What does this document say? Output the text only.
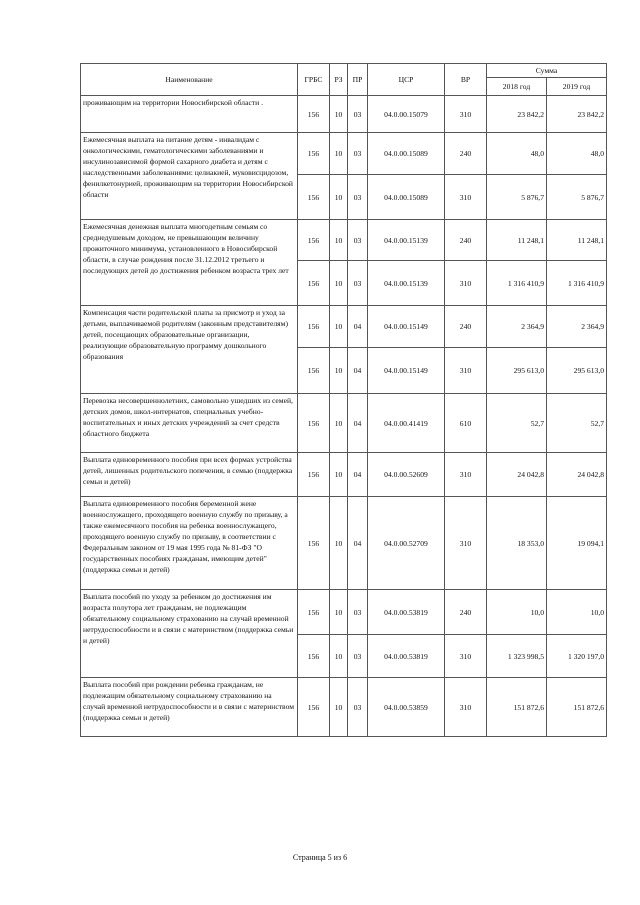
Наименование	ГРБС	РЗ	ПР	ЦСР	ВР	Сумма	
						2018 год	2019 год
проживающим на территории Новосибирской области .	156	10	03	04.0.00.15079	310	23 842,2	23 842,2
Ежемесячная выплата на питание детям - инвалидам с онкологическими, гематологическими заболеваниями и инсулинозависимой формой сахарного диабета и детям с наследственными заболеваниями: целиакией, муковисцидозом, фенилкетонурией, проживающим на территории Новосибирской области	156	10	03	04.0.00.15089	240	48,0	48,0
	156	10	03	04.0.00.15089	310	5 876,7	5 876,7
Ежемесячная денежная выплата многодетным семьям со среднедушевым доходом, не превышающим величину прожиточного минимума, установленного в Новосибирской области, в случае рождения после 31.12.2012 третьего и последующих детей до достижения ребенком возраста трех лет	156	10	03	04.0.00.15139	240	11 248,1	11 248,1
	156	10	03	04.0.00.15139	310	1 316 410,9	1 316 410,9
Компенсация части родительской платы за присмотр и уход за детьми, выплачиваемой родителям (законным представителям) детей, посещающих образовательные организации, реализующие образовательную программу дошкольного образования	156	10	04	04.0.00.15149	240	2 364,9	2 364,9
	156	10	04	04.0.00.15149	310	295 613,0	295 613,0
Перевозка несовершеннолетних, самовольно ушедших из семей, детских домов, школ-интернатов, специальных учебно-воспитательных и иных детских учреждений за счет средств областного бюджета	156	10	04	04.0.00.41419	610	52,7	52,7
Выплата единовременного пособия при всех формах устройства детей, лишенных родительского попечения, в семью (поддержка семьи и детей)	156	10	04	04.0.00.52609	310	24 042,8	24 042,8
Выплата единовременного пособия беременной жене военнослужащего, проходящего военную службу по призыву, а также ежемесячного пособия на ребенка военнослужащего, проходящего военную службу по призыву, в соответствии с Федеральным законом от 19 мая 1995 года № 81-ФЗ "О государственных пособиях гражданам, имеющим детей" (поддержка семьи и детей)	156	10	04	04.0.00.52709	310	18 353,0	19 094,1
Выплата пособий по уходу за ребенком до достижения им возраста полутора лет гражданам, не подлежащим обязательному социальному страхованию на случай временной нетрудоспособности и в связи с материнством (поддержка семьи и детей)	156	10	03	04.0.00.53819	240	10,0	10,0
	156	10	03	04.0.00.53819	310	1 323 998,5	1 320 197,0
Выплата пособий при рождении ребенка гражданам, не подлежащим обязательному социальному страхованию на случай временной нетрудоспособности и в связи с материнством (поддержка семьи и детей)	156	10	03	04.0.00.53859	310	151 872,6	151 872,6
Страница 5 из 6
